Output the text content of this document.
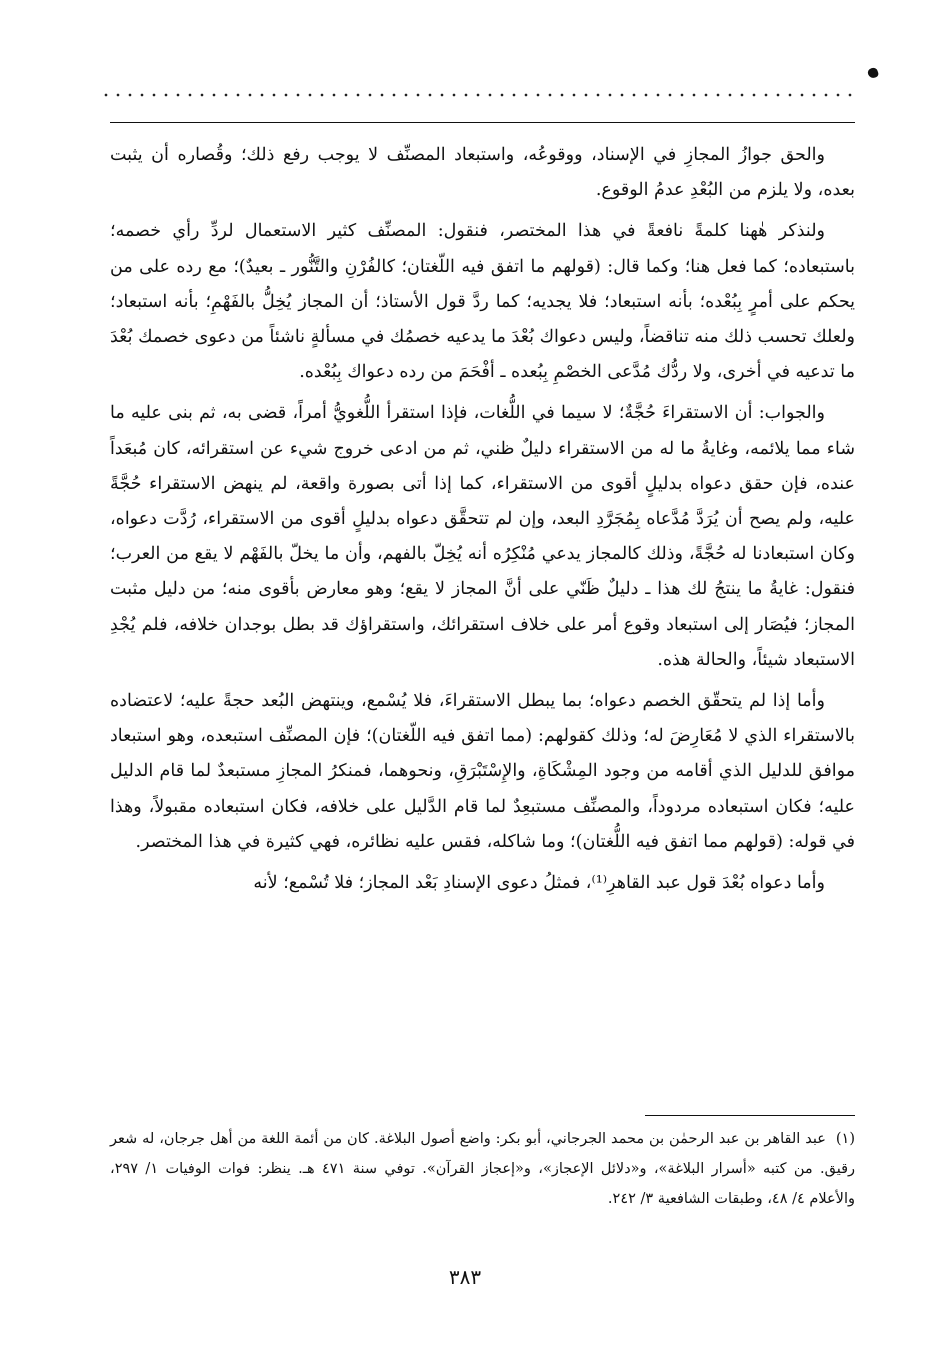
والحق جوازُ المجازِ في الإسناد، ووقوعُه، واستبعاد المصنِّف لا يوجب رفع ذلك؛ وقُصاره أن يثبت بعده، ولا يلزم من البُعْدِ عدمُ الوقوع.

ولنذكر هٰهنا كلمةً نافعةً في هذا المختصر، فنقول: المصنِّف كثير الاستعمال لردِّ رأي خصمه؛ باستبعاده؛ كما فعل هنا؛ وكما قال: (قولهم ما اتفق فيه اللّغتان؛ كالفُرْنِ والتَّنُّور ـ بعيدٌ)؛ مع رده على من يحكم على أمرٍ بِبُعْده؛ بأنه استبعاد؛ فلا يجديه؛ كما ردَّ قول الأستاذ؛ أن المجاز يُخِلُّ بالفَهْمِ؛ بأنه استبعاد؛ ولعلك تحسب ذلك منه تناقضاً، وليس دعواك بُعْدَ ما يدعيه خصمُك في مسألةٍ ناشئاً من دعوى خصمك بُعْدَ ما تدعيه في أخرى، ولا ردُّك مُدَّعى الخصْمِ بِبُعده ـ أفْحَمَ من رده دعواك بِبُعْده.

والجواب: أن الاستقراءَ حُجَّةٌ؛ لا سيما في اللُّغات، فإذا استقرأ اللُّغويُّ أمراً، قضى به، ثم بنى عليه ما شاء مما يلائمه، وغايةُ ما له من الاستقراء دليلٌ ظني، ثم من ادعى خروج شيء عن استقرائه، كان مُبعَداً عنده، فإن حقق دعواه بدليلٍ أقوى من الاستقراء، كما إذا أتى بصورة واقعة، لم ينهض الاستقراء حُجَّةً عليه، ولم يصح أن يُرَدَّ مُدَّعاه بِمُجَرَّدِ البعد، وإن لم تتحقَّق دعواه بدليلٍ أقوى من الاستقراء، رُدَّت دعواه، وكان استبعادنا له حُجَّةً، وذلك كالمجاز يدعي مُنْكِرُه أنه يُخِلّ بالفهم، وأن ما يخلّ بالفَهْم لا يقع من العرب؛ فنقول: غايةُ ما ينتجُ لك هذا ـ دليلٌ ظَنّي على أنَّ المجاز لا يقع؛ وهو معارض بأقوى منه؛ من دليل مثبت المجاز؛ فيُصَار إلى استبعاد وقوع أمر على خلاف استقرائك، واستقراؤك قد بطل بوجدان خلافه، فلم يُجْدِ الاستبعاد شيئاً، والحالة هذه.

وأما إذا لم يتحقّق الخصم دعواه؛ بما يبطل الاستقراءَ، فلا يُسْمع، وينتهض البُعد حجةً عليه؛ لاعتضاده بالاستقراء الذي لا مُعَارِضَ له؛ وذلك كقولهم: (مما اتفق فيه اللّغتان)؛ فإن المصنِّف استبعده، وهو استبعاد موافق للدليل الذي أقامه من وجود المِشْكَاةِ، والإِسْتَبْرَقِ، ونحوهما، فمنكرُ المجازِ مستبعدٌ لما قام الدليل عليه؛ فكان استبعاده مردوداً، والمصنِّف مستبعِدٌ لما قام الدَّليل على خلافه، فكان استبعاده مقبولاً، وهذا في قوله: (قولهم مما اتفق فيه اللُّغتان)؛ وما شاكله، فقس عليه نظائره، فهي كثيرة في هذا المختصر.

وأما دعواه بُعْدَ قول عبد القاهرِ⁽¹⁾، فمثلُ دعوى الإسنادِ بَعْد المجاز؛ فلا تُسْمع؛ لأنه

(١)عبد القاهر بن عبد الرحمٰن بن محمد الجرجاني، أبو بكر: واضع أصول البلاغة. كان من أئمة اللغة من أهل جرجان، له شعر رقيق. من كتبه «أسرار البلاغة»، و«دلائل الإعجاز»، و«إعجاز القرآن». توفي سنة ٤٧١ هـ. ينظر: فوات الوفيات ١/ ٢٩٧، والأعلام ٤/ ٤٨، وطبقات الشافعية ٣/ ٢٤٢.
٣٨٣
